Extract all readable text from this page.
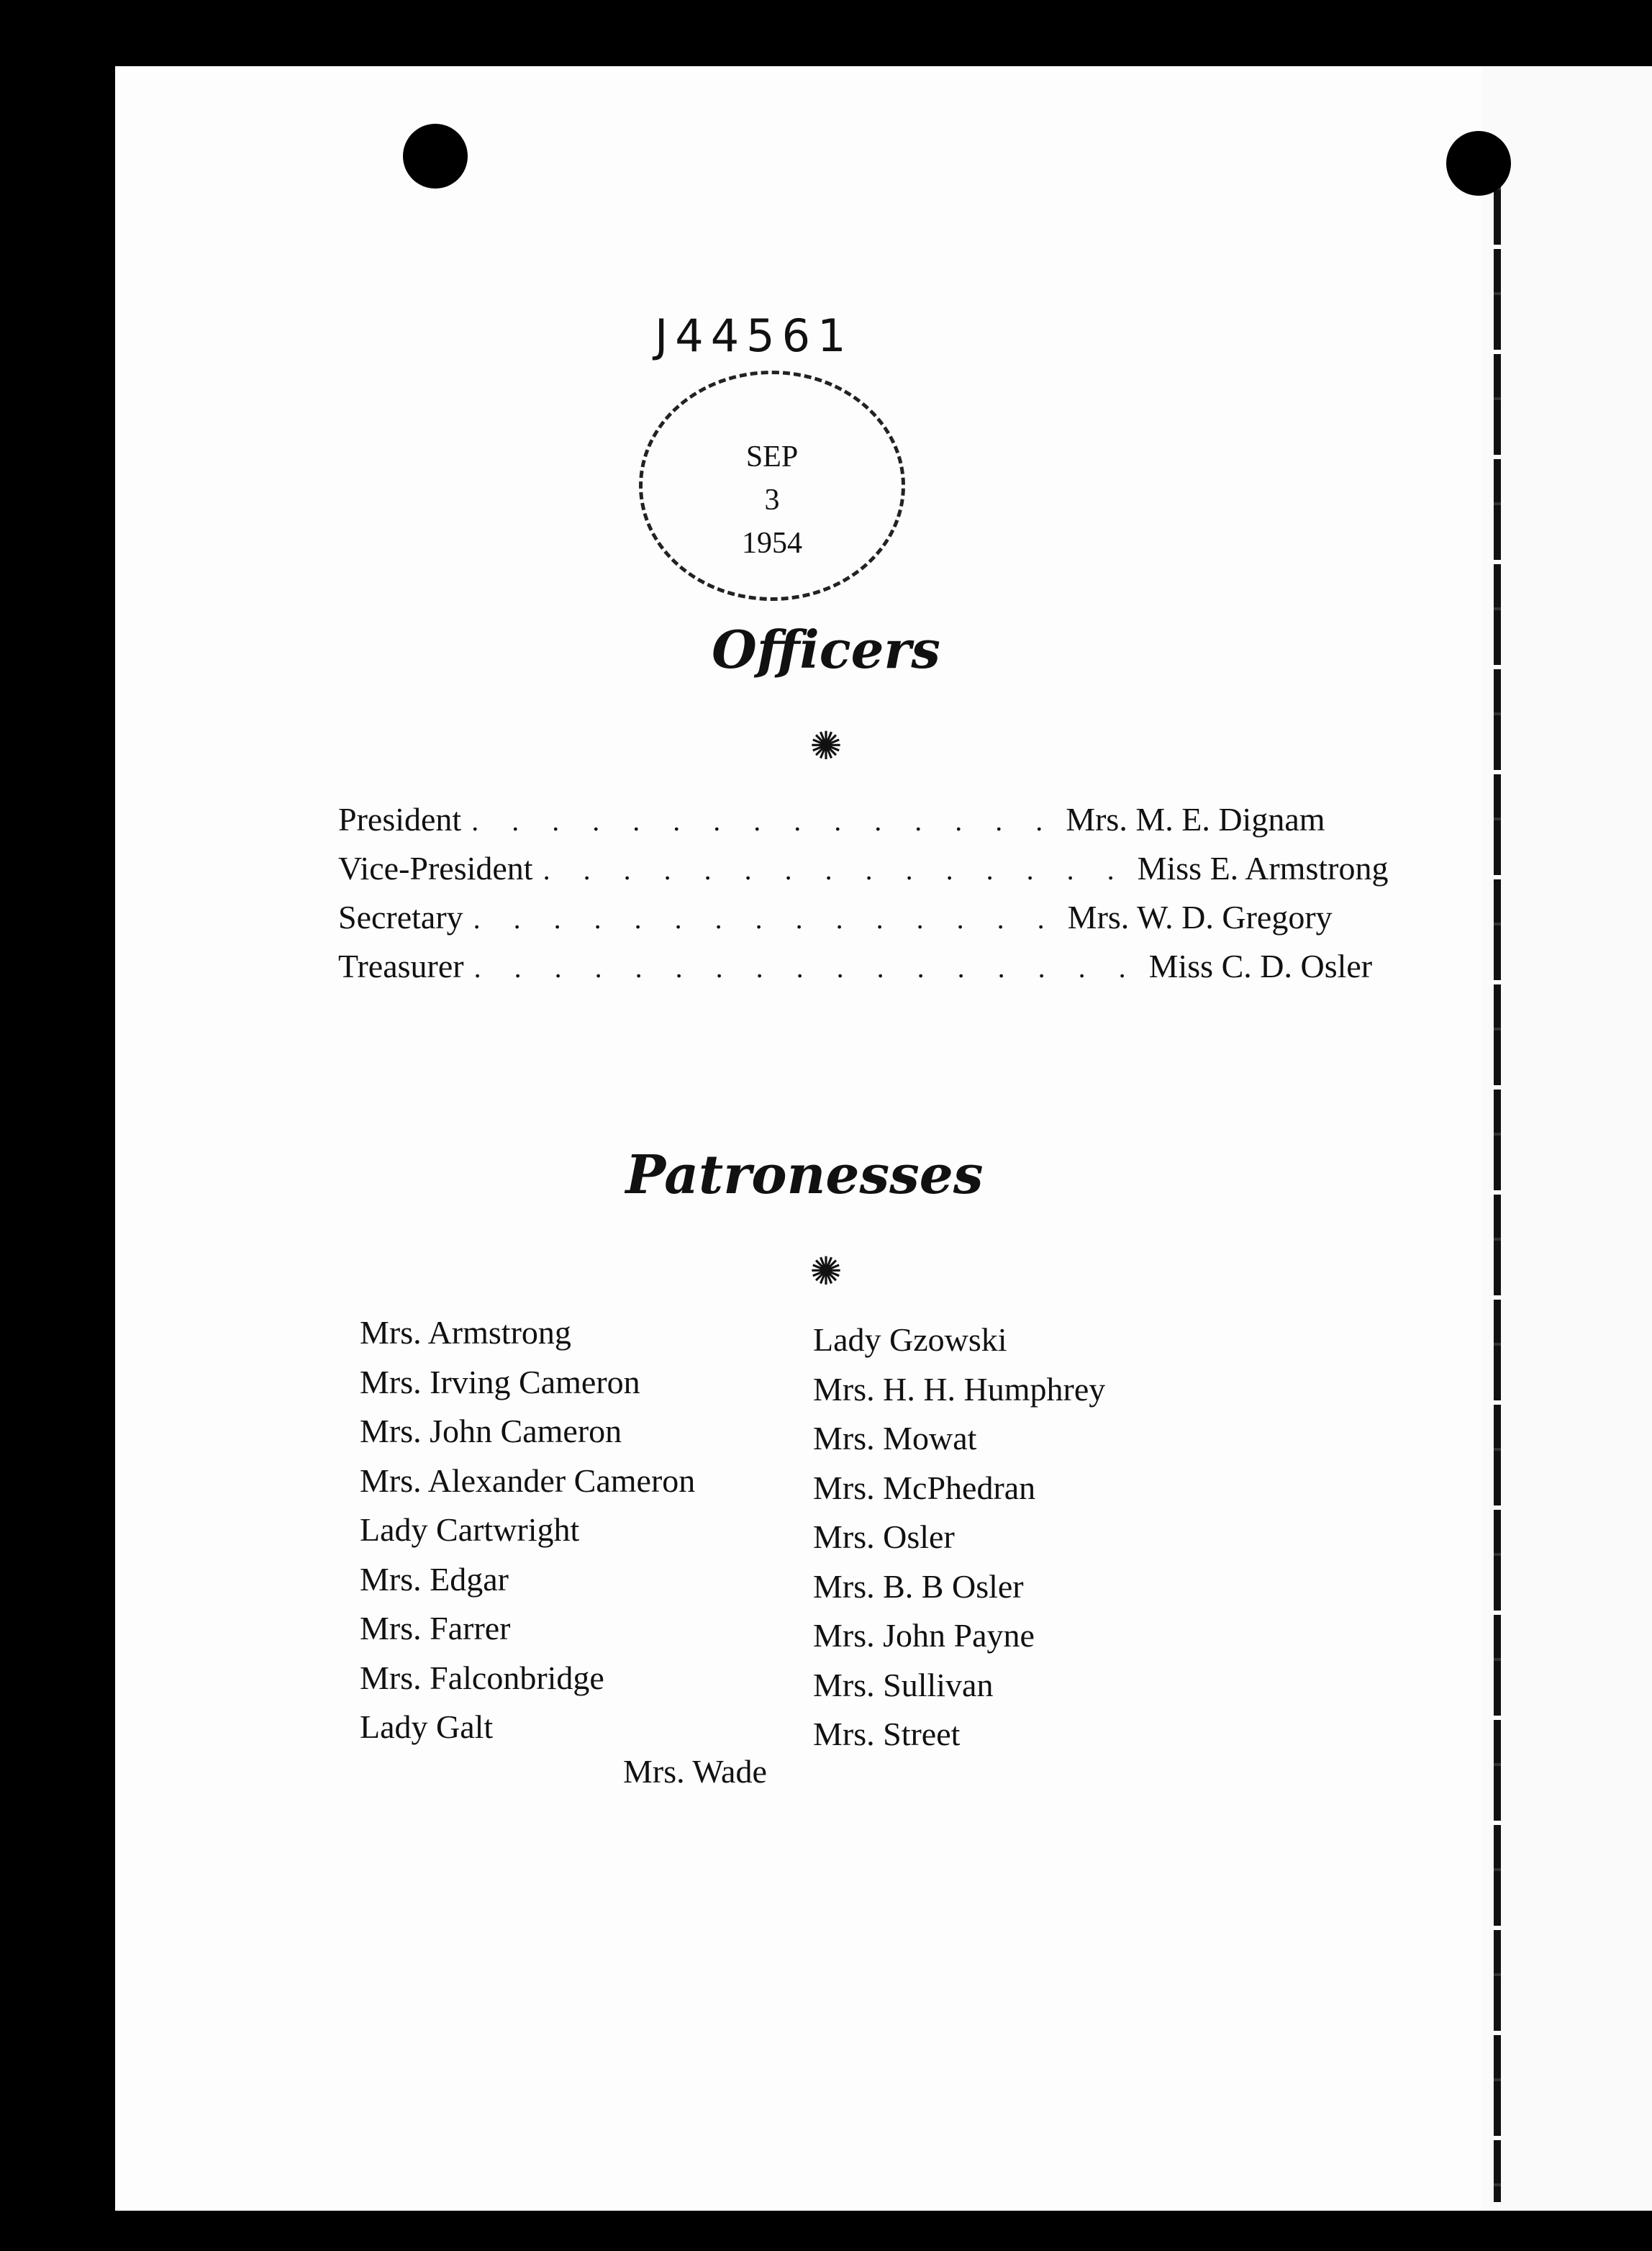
J44561
SEP
3
1954
Officers
✺
President . . . . . . . . . . . . . . . Mrs. M. E. Dignam
Vice-President . . . . . . . . . . . . . . . Miss E. Armstrong
Secretary . . . . . . . . . . . . . . . Mrs. W. D. Gregory
Treasurer . . . . . . . . . . . . . . . . . Miss C. D. Osler
Patronesses
✺
Mrs. Armstrong
Mrs. Irving Cameron
Mrs. John Cameron
Mrs. Alexander Cameron
Lady Cartwright
Mrs. Edgar
Mrs. Farrer
Mrs. Falconbridge
Lady Galt
Lady Gzowski
Mrs. H. H. Humphrey
Mrs. Mowat
Mrs. McPhedran
Mrs. Osler
Mrs. B. B Osler
Mrs. John Payne
Mrs. Sullivan
Mrs. Street
Mrs. Wade
